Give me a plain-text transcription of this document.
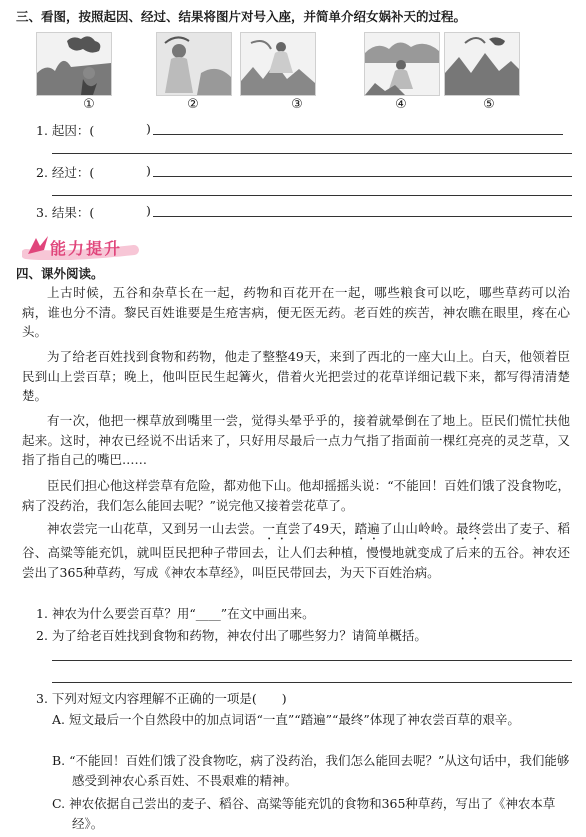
三、看图，按照起因、经过、结果将图片对号入座，并简单介绍女娲补天的过程。
①	②	③	④	⑤
1. 起因：(	)
2. 经过：(	)
3. 结果：(	)
能力提升
四、课外阅读。
上古时候，五谷和杂草长在一起，药物和百花开在一起，哪些粮食可以吃，哪些草药可以治病，谁也分不清。黎民百姓谁要是生疮害病，便无医无药。老百姓的疾苦，神农瞧在眼里，疼在心头。
为了给老百姓找到食物和药物，他走了整整49天，来到了西北的一座大山上。白天，他领着臣民到山上尝百草；晚上，他叫臣民生起篝火，借着火光把尝过的花草详细记载下来，都写得清清楚楚。
有一次，他把一棵草放到嘴里一尝，觉得头晕乎乎的，接着就晕倒在了地上。臣民们慌忙扶他起来。这时，神农已经说不出话来了，只好用尽最后一点力气指了指面前一棵红亮亮的灵芝草，又指了指自己的嘴巴……
臣民们担心他这样尝草有危险，都劝他下山。他却摇摇头说：“不能回！百姓们饿了没食物吃，病了没药治，我们怎么能回去呢？”说完他又接着尝花草了。
神农尝完一山花草，又到另一山去尝。一直尝了49天，踏遍了山山岭岭。最终尝出了麦子、稻谷、高粱等能充饥，就叫臣民把种子带回去，让人们去种植，慢慢地就变成了后来的五谷。神农还尝出了365种草药，写成《神农本草经》，叫臣民带回去，为天下百姓治病。
1. 神农为什么要尝百草？用“____”在文中画出来。
2. 为了给老百姓找到食物和药物，神农付出了哪些努力？请简单概括。
3. 下列对短文内容理解不正确的一项是(　　)
A. 短文最后一个自然段中的加点词语“一直”“踏遍”“最终”体现了神农尝百草的艰辛。
B. “不能回！百姓们饿了没食物吃，病了没药治，我们怎么能回去呢？”从这句话中，我们能够感受到神农心系百姓、不畏艰难的精神。
C. 神农依据自己尝出的麦子、稻谷、高粱等能充饥的食物和365种草药，写出了《神农本草经》。
